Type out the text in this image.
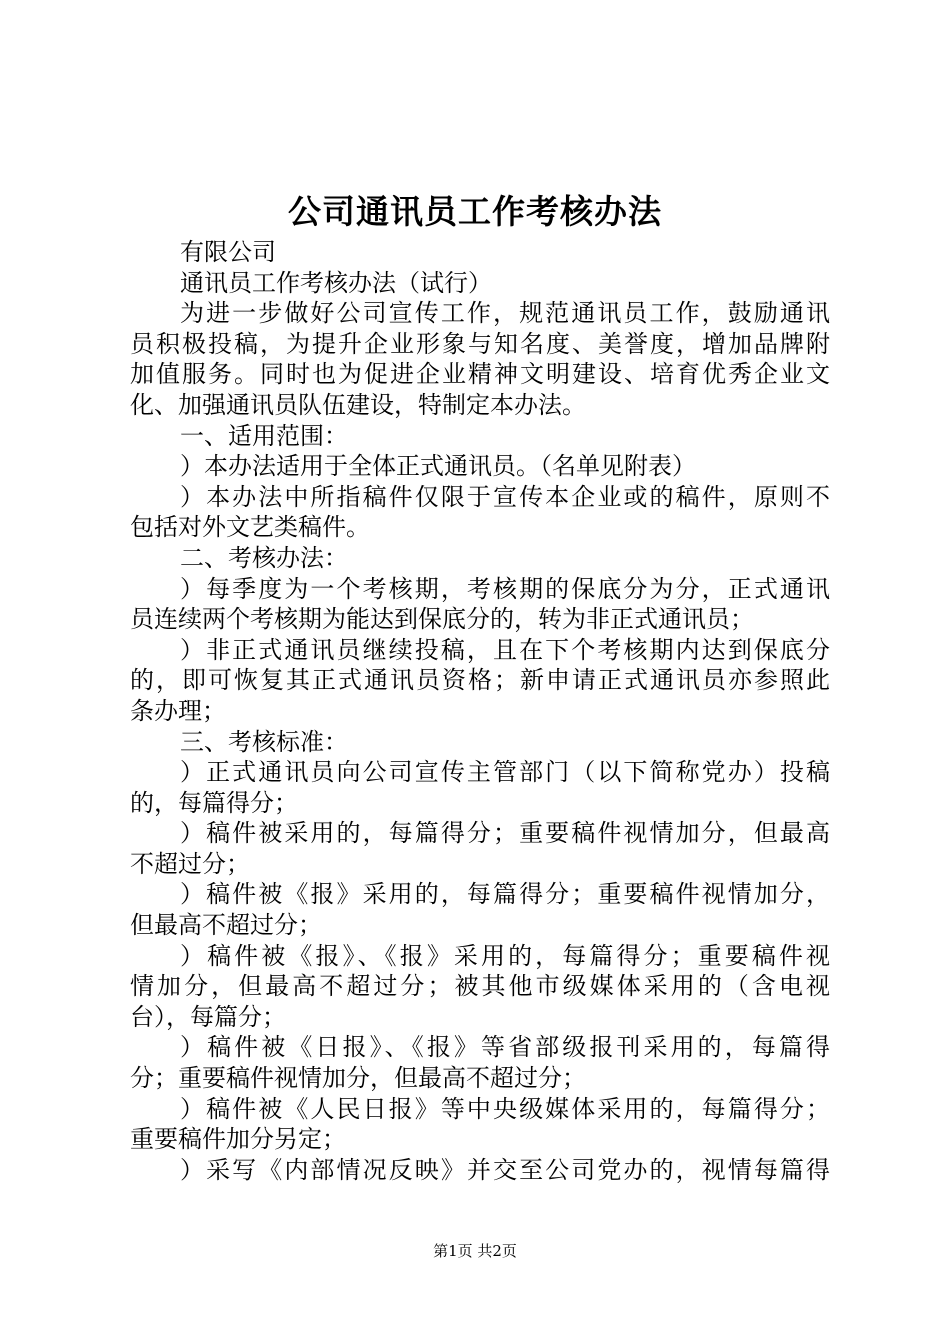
公司通讯员工作考核办法
有限公司
通讯员工作考核办法（试行）
为进一步做好公司宣传工作，规范通讯员工作，鼓励通讯
员积极投稿，为提升企业形象与知名度、美誉度，增加品牌附
加值服务。同时也为促进企业精神文明建设、培育优秀企业文
化、加强通讯员队伍建设，特制定本办法。
一、适用范围：
）本办法适用于全体正式通讯员。（名单见附表）
）本办法中所指稿件仅限于宣传本企业或的稿件，原则不
包括对外文艺类稿件。
二、考核办法：
）每季度为一个考核期，考核期的保底分为分，正式通讯
员连续两个考核期为能达到保底分的，转为非正式通讯员；
）非正式通讯员继续投稿，且在下个考核期内达到保底分
的，即可恢复其正式通讯员资格；新申请正式通讯员亦参照此
条办理；
三、考核标准：
）正式通讯员向公司宣传主管部门（以下简称党办）投稿
的，每篇得分；
）稿件被采用的，每篇得分；重要稿件视情加分，但最高
不超过分；
）稿件被《报》采用的，每篇得分；重要稿件视情加分，
但最高不超过分；
）稿件被《报》、《报》采用的，每篇得分；重要稿件视
情加分，但最高不超过分；被其他市级媒体采用的（含电视
台），每篇分；
）稿件被《日报》、《报》等省部级报刊采用的，每篇得
分；重要稿件视情加分，但最高不超过分；
）稿件被《人民日报》等中央级媒体采用的，每篇得分；
重要稿件加分另定；
）采写《内部情况反映》并交至公司党办的，视情每篇得
第1页 共2页
